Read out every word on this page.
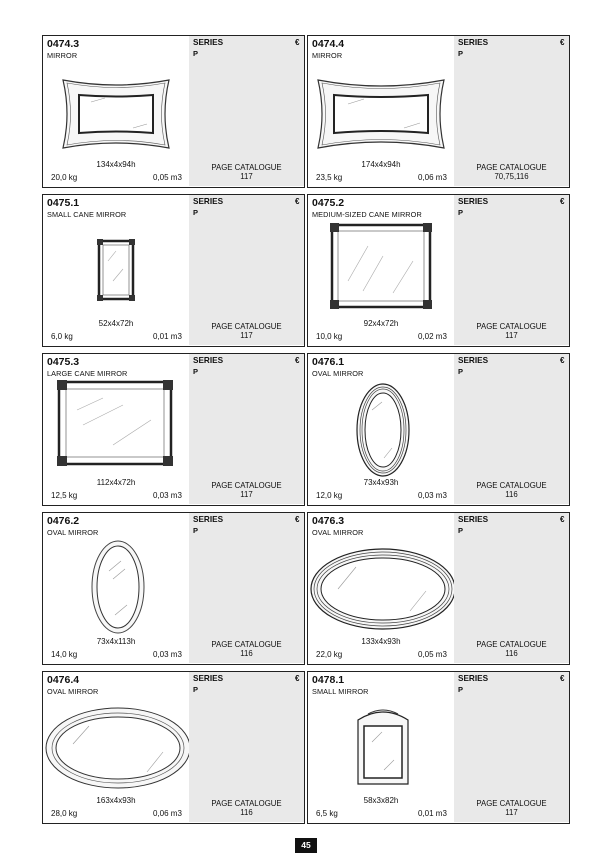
0474.3
MIRROR
SERIES
P
€
134x4x94h
20,0 kg	0,05 m3
PAGE CATALOGUE
117
0474.4
MIRROR
SERIES
P
€
174x4x94h
23,5 kg	0,06 m3
PAGE CATALOGUE
70,75,116
0475.1
SMALL CANE MIRROR
SERIES
P
€
52x4x72h
6,0 kg	0,01 m3
PAGE CATALOGUE
117
0475.2
MEDIUM-SIZED CANE MIRROR
SERIES
P
€
92x4x72h
10,0 kg	0,02 m3
PAGE CATALOGUE
117
0475.3
LARGE CANE MIRROR
SERIES
P
€
112x4x72h
12,5 kg	0,03 m3
PAGE CATALOGUE
117
0476.1
OVAL MIRROR
SERIES
P
€
73x4x93h
12,0 kg	0,03 m3
PAGE CATALOGUE
116
0476.2
OVAL MIRROR
SERIES
P
€
73x4x113h
14,0 kg	0,03 m3
PAGE CATALOGUE
116
0476.3
OVAL MIRROR
SERIES
P
€
133x4x93h
22,0 kg	0,05 m3
PAGE CATALOGUE
116
0476.4
OVAL MIRROR
SERIES
P
€
163x4x93h
28,0 kg	0,06 m3
PAGE CATALOGUE
116
0478.1
SMALL MIRROR
SERIES
P
€
58x3x82h
6,5 kg	0,01 m3
PAGE CATALOGUE
117
45
